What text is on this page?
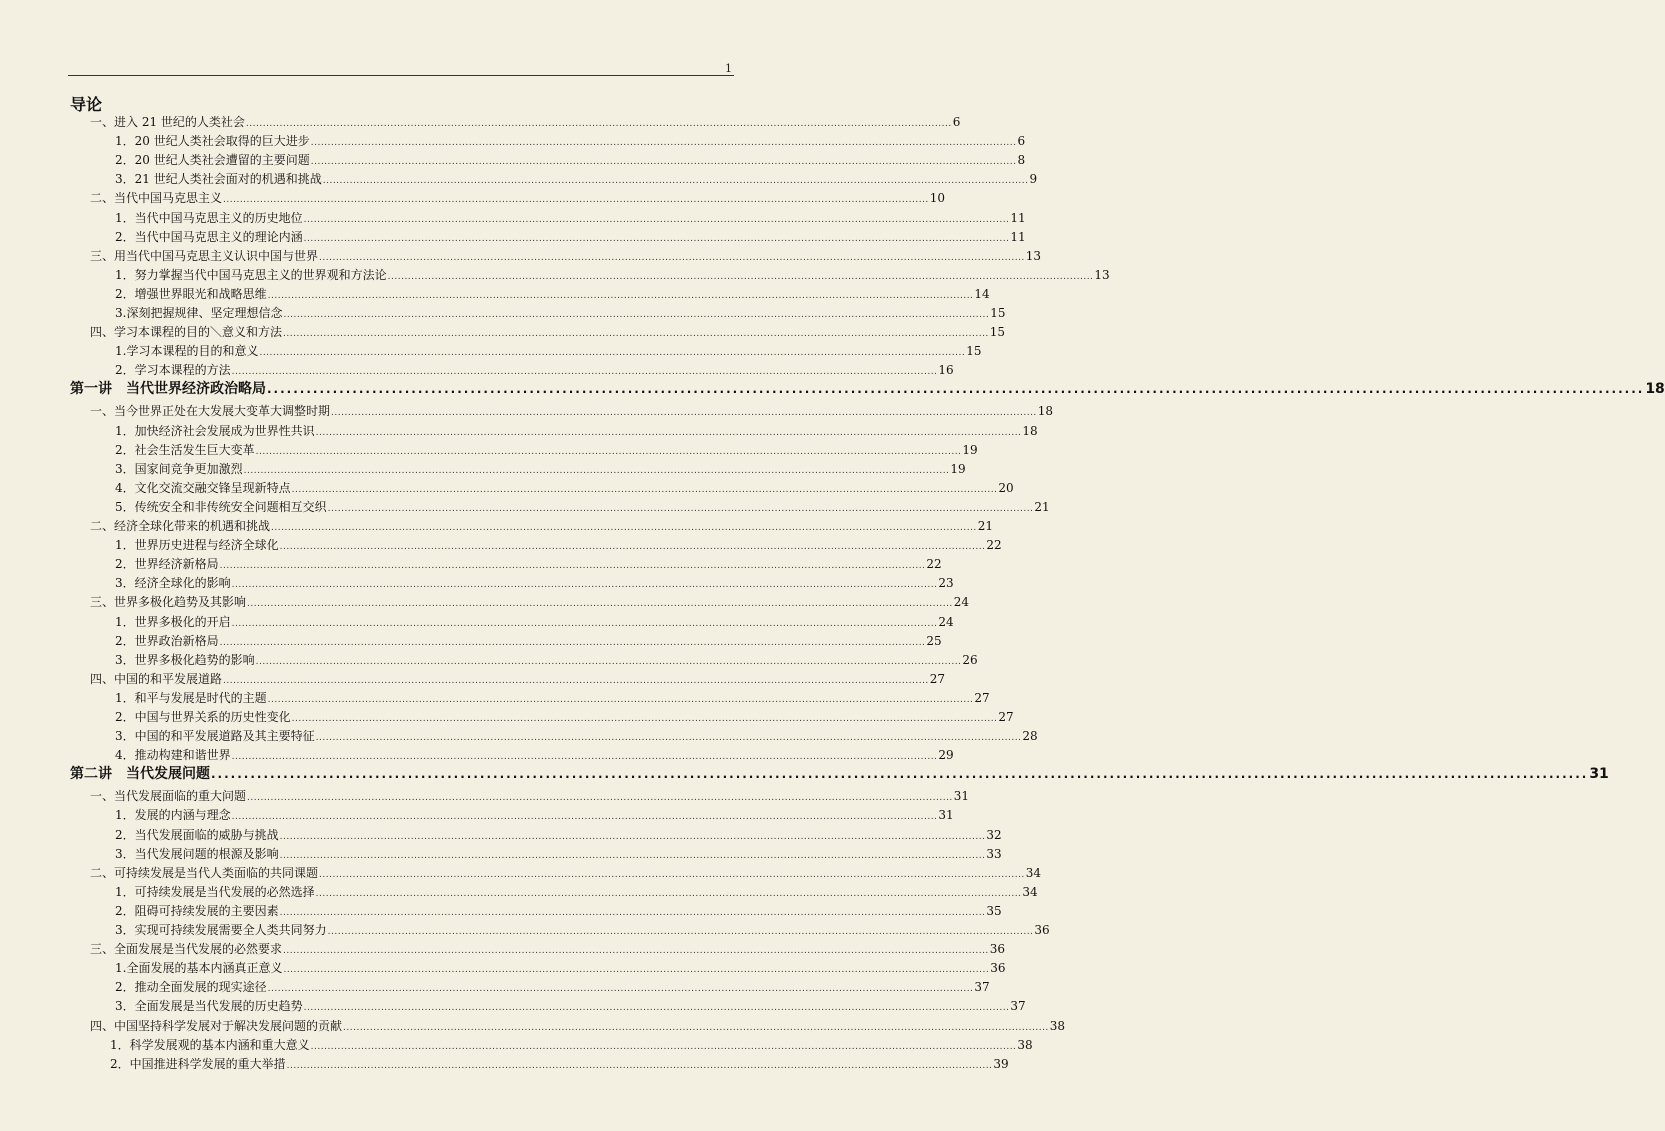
1
导论
一、进入 21 世纪的人类社会 .................................................................................................................................................................................................................. 6
1．20 世纪人类社会取得的巨大进步 .................................................................................................................................................................................................................. 6
2．20 世纪人类社会遭留的主要问题 .................................................................................................................................................................................................................. 8
3．21 世纪人类社会面对的机遇和挑战 .................................................................................................................................................................................................................. 9
二、当代中国马克思主义 .................................................................................................................................................................................................................. 10
1．当代中国马克思主义的历史地位 .................................................................................................................................................................................................................. 11
2．当代中国马克思主义的理论内涵 .................................................................................................................................................................................................................. 11
三、用当代中国马克思主义认识中国与世界 .................................................................................................................................................................................................................. 13
1．努力掌握当代中国马克思主义的世界观和方法论 .................................................................................................................................................................................................................. 13
2．增强世界眼光和战略思维 .................................................................................................................................................................................................................. 14
3.深刻把握规律、坚定理想信念 .................................................................................................................................................................................................................. 15
四、学习本课程的目的＼意义和方法 .................................................................................................................................................................................................................. 15
1.学习本课程的目的和意义 .................................................................................................................................................................................................................. 15
2．学习本课程的方法 .................................................................................................................................................................................................................. 16
第一讲　当代世界经济政治略局 .................................................................................................................................................................................................................. 18
一、当今世界正处在大发展大变革大调整时期 .................................................................................................................................................................................................................. 18
1．加快经济社会发展成为世界性共识 .................................................................................................................................................................................................................. 18
2．社会生活发生巨大变革 .................................................................................................................................................................................................................. 19
3．国家间竞争更加激烈 .................................................................................................................................................................................................................. 19
4．文化交流交融交锋呈现新特点 .................................................................................................................................................................................................................. 20
5．传统安全和非传统安全问题相互交织 .................................................................................................................................................................................................................. 21
二、经济全球化带来的机遇和挑战 .................................................................................................................................................................................................................. 21
1．世界历史进程与经济全球化 .................................................................................................................................................................................................................. 22
2．世界经济新格局 .................................................................................................................................................................................................................. 22
3．经济全球化的影响 .................................................................................................................................................................................................................. 23
三、世界多极化趋势及其影响 .................................................................................................................................................................................................................. 24
1．世界多极化的开启 .................................................................................................................................................................................................................. 24
2．世界政治新格局 .................................................................................................................................................................................................................. 25
3．世界多极化趋势的影响 .................................................................................................................................................................................................................. 26
四、中国的和平发展道路 .................................................................................................................................................................................................................. 27
1．和平与发展是时代的主题 .................................................................................................................................................................................................................. 27
2．中国与世界关系的历史性变化 .................................................................................................................................................................................................................. 27
3．中国的和平发展道路及其主要特征 .................................................................................................................................................................................................................. 28
4．推动构建和谐世界 .................................................................................................................................................................................................................. 29
第二讲　当代发展问题 .................................................................................................................................................................................................................. 31
一、当代发展面临的重大问题 .................................................................................................................................................................................................................. 31
1．发展的内涵与理念 .................................................................................................................................................................................................................. 31
2．当代发展面临的威胁与挑战 .................................................................................................................................................................................................................. 32
3．当代发展问题的根源及影响 .................................................................................................................................................................................................................. 33
二、可持续发展是当代人类面临的共同课题 .................................................................................................................................................................................................................. 34
1．可持续发展是当代发展的必然选择 .................................................................................................................................................................................................................. 34
2．阻碍可持续发展的主要因素 .................................................................................................................................................................................................................. 35
3．实现可持续发展需要全人类共同努力 .................................................................................................................................................................................................................. 36
三、全面发展是当代发展的必然要求 .................................................................................................................................................................................................................. 36
1.全面发展的基本内涵真正意义 .................................................................................................................................................................................................................. 36
2．推动全面发展的现实途径 .................................................................................................................................................................................................................. 37
3．全面发展是当代发展的历史趋势 .................................................................................................................................................................................................................. 37
四、中国坚持科学发展对于解决发展问题的贡献 .................................................................................................................................................................................................................. 38
1．科学发展观的基本内涵和重大意义 .................................................................................................................................................................................................................. 38
2．中国推进科学发展的重大举措 .................................................................................................................................................................................................................. 39
